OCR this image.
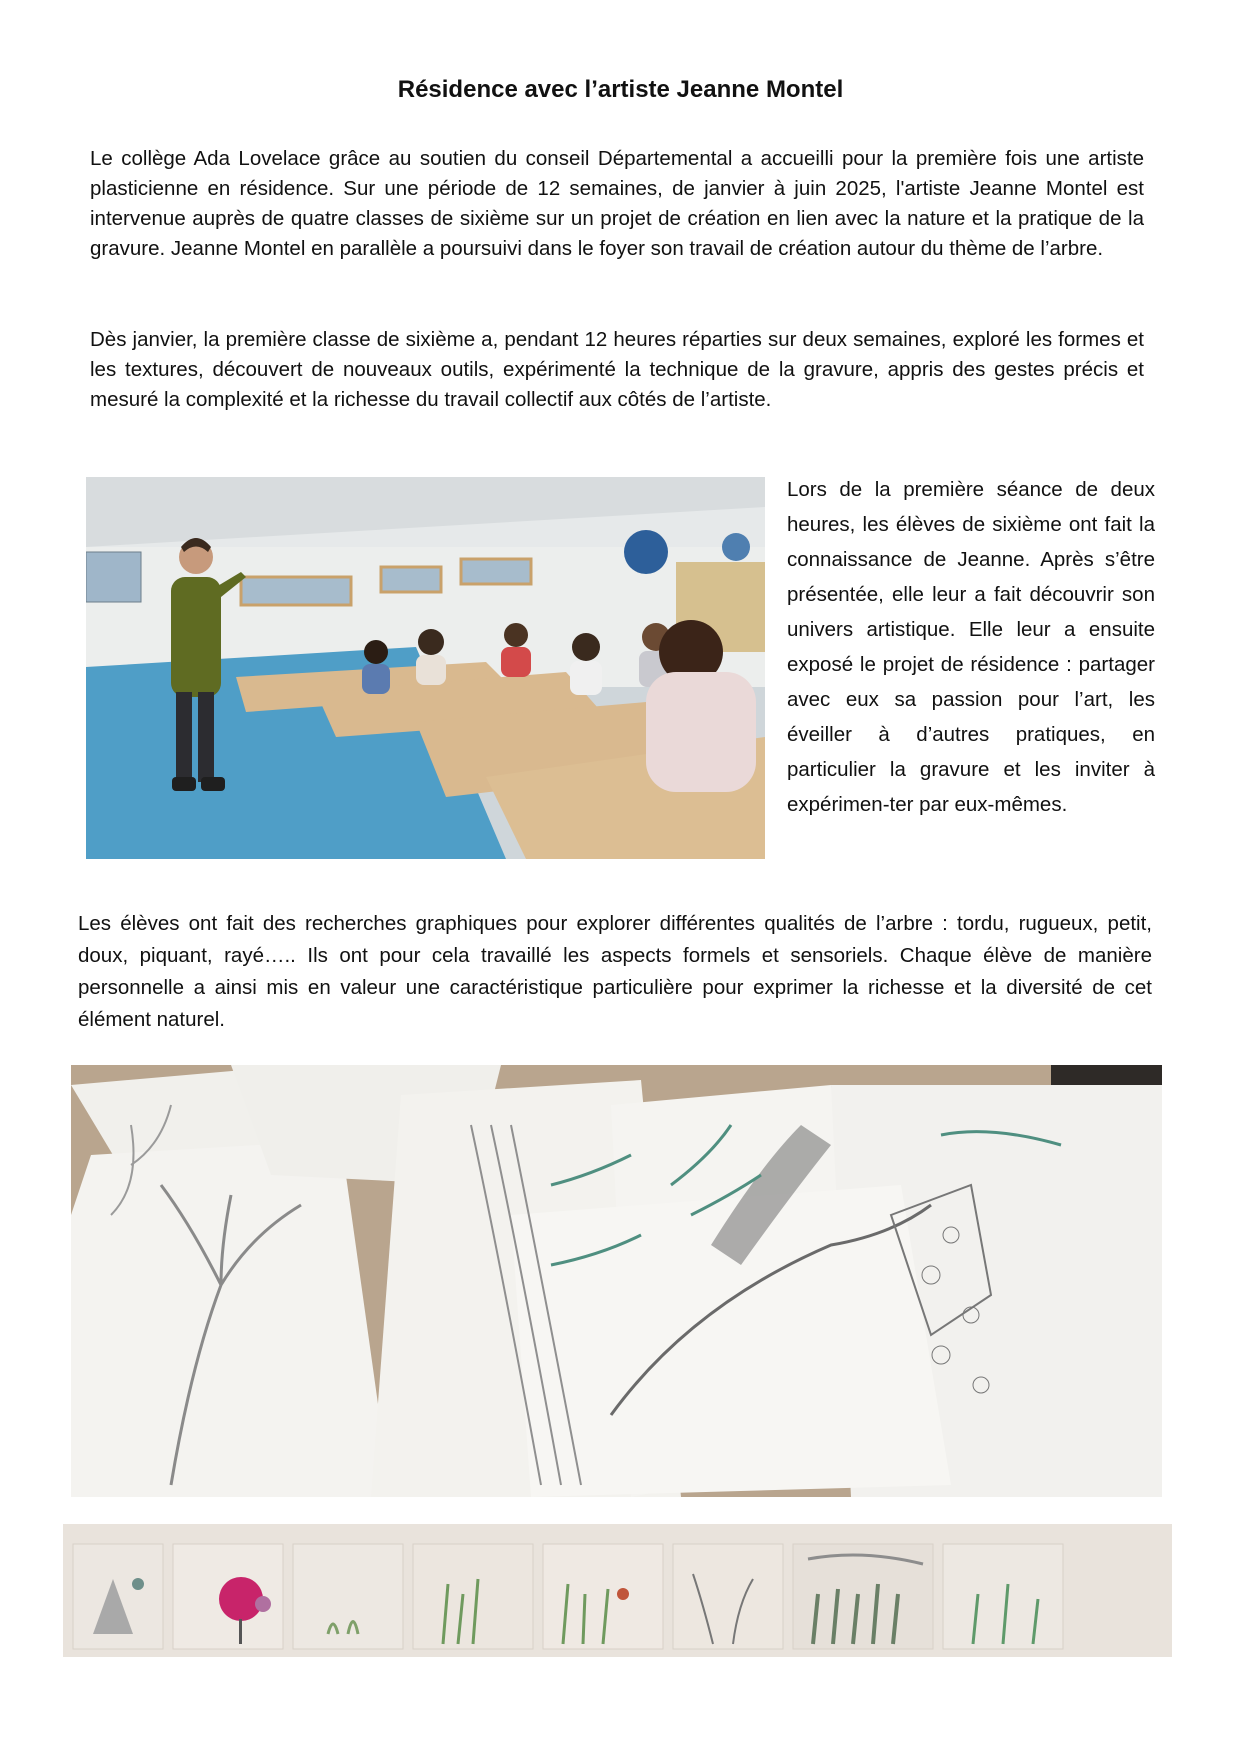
Résidence avec l’artiste Jeanne Montel

Le collège Ada Lovelace grâce au soutien du conseil Départemental a accueilli pour la première fois une artiste plasticienne en résidence. Sur une période de 12 semaines, de janvier à juin 2025, l'artiste Jeanne Montel est intervenue auprès de quatre classes de sixième sur un projet de création en lien avec la nature et la pratique de la gravure. Jeanne Montel en parallèle a poursuivi dans le foyer son travail de création autour du thème de l’arbre.

Dès janvier, la première classe de sixième a, pendant 12 heures réparties sur deux semaines, exploré les formes et les textures, découvert de nouveaux outils, expérimenté la technique de la gravure, appris des gestes précis et mesuré la complexité et la richesse du travail collectif aux côtés de l’artiste.

Lors de la première séance de deux heures, les élèves de sixième ont fait la connaissance de Jeanne. Après s’être présentée, elle leur a fait découvrir son univers artistique. Elle leur a ensuite exposé le projet de résidence : partager avec eux sa passion pour l’art, les éveiller à d’autres pratiques, en particulier la gravure et les inviter à expérimen-ter par eux-mêmes.

Les élèves ont fait des recherches graphiques pour explorer différentes qualités de l’arbre : tordu, rugueux, petit, doux, piquant, rayé….. Ils ont pour cela travaillé les aspects formels et sensoriels. Chaque élève de manière personnelle a ainsi mis en valeur une caractéristique particulière pour exprimer la richesse et la diversité de cet élément naturel.
